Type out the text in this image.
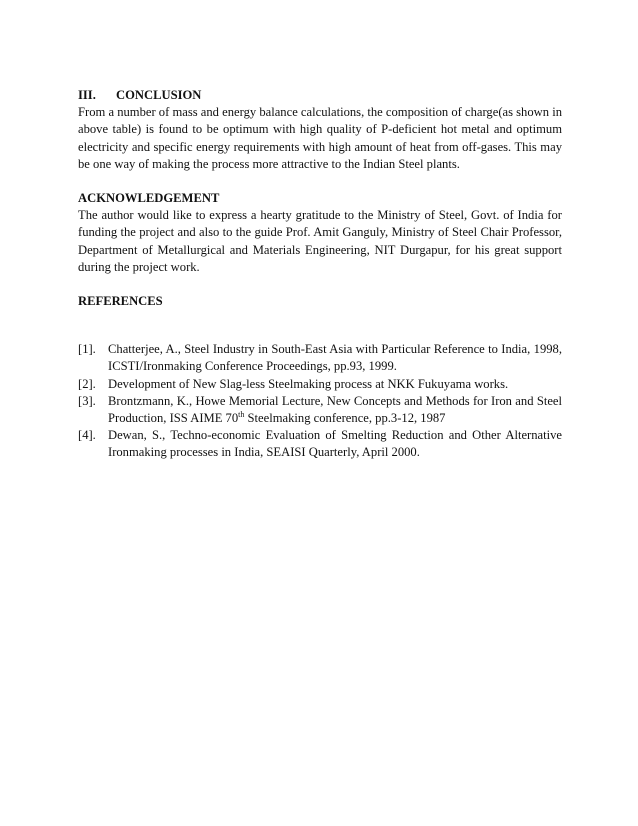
III. CONCLUSION

From a number of mass and energy balance calculations, the composition of charge(as shown in above table) is found to be optimum with high quality of P-deficient hot metal and optimum electricity and specific energy requirements with high amount of heat from off-gases. This may be one way of making the process more attractive to the Indian Steel plants.

ACKNOWLEDGEMENT

The author would like to express a hearty gratitude to the Ministry of Steel, Govt. of India for funding the project and also to the guide Prof. Amit Ganguly, Ministry of Steel Chair Professor, Department of Metallurgical and Materials Engineering, NIT Durgapur, for his great support during the project work.

REFERENCES
[1]. Chatterjee, A., Steel Industry in South-East Asia with Particular Reference to India, 1998, ICSTI/Ironmaking Conference Proceedings, pp.93, 1999.
[2]. Development of New Slag-less Steelmaking process at NKK Fukuyama works.
[3]. Brontzmann, K., Howe Memorial Lecture, New Concepts and Methods for Iron and Steel Production, ISS AIME 70th Steelmaking conference, pp.3-12, 1987
[4]. Dewan, S., Techno-economic Evaluation of Smelting Reduction and Other Alternative Ironmaking processes in India, SEAISI Quarterly, April 2000.
